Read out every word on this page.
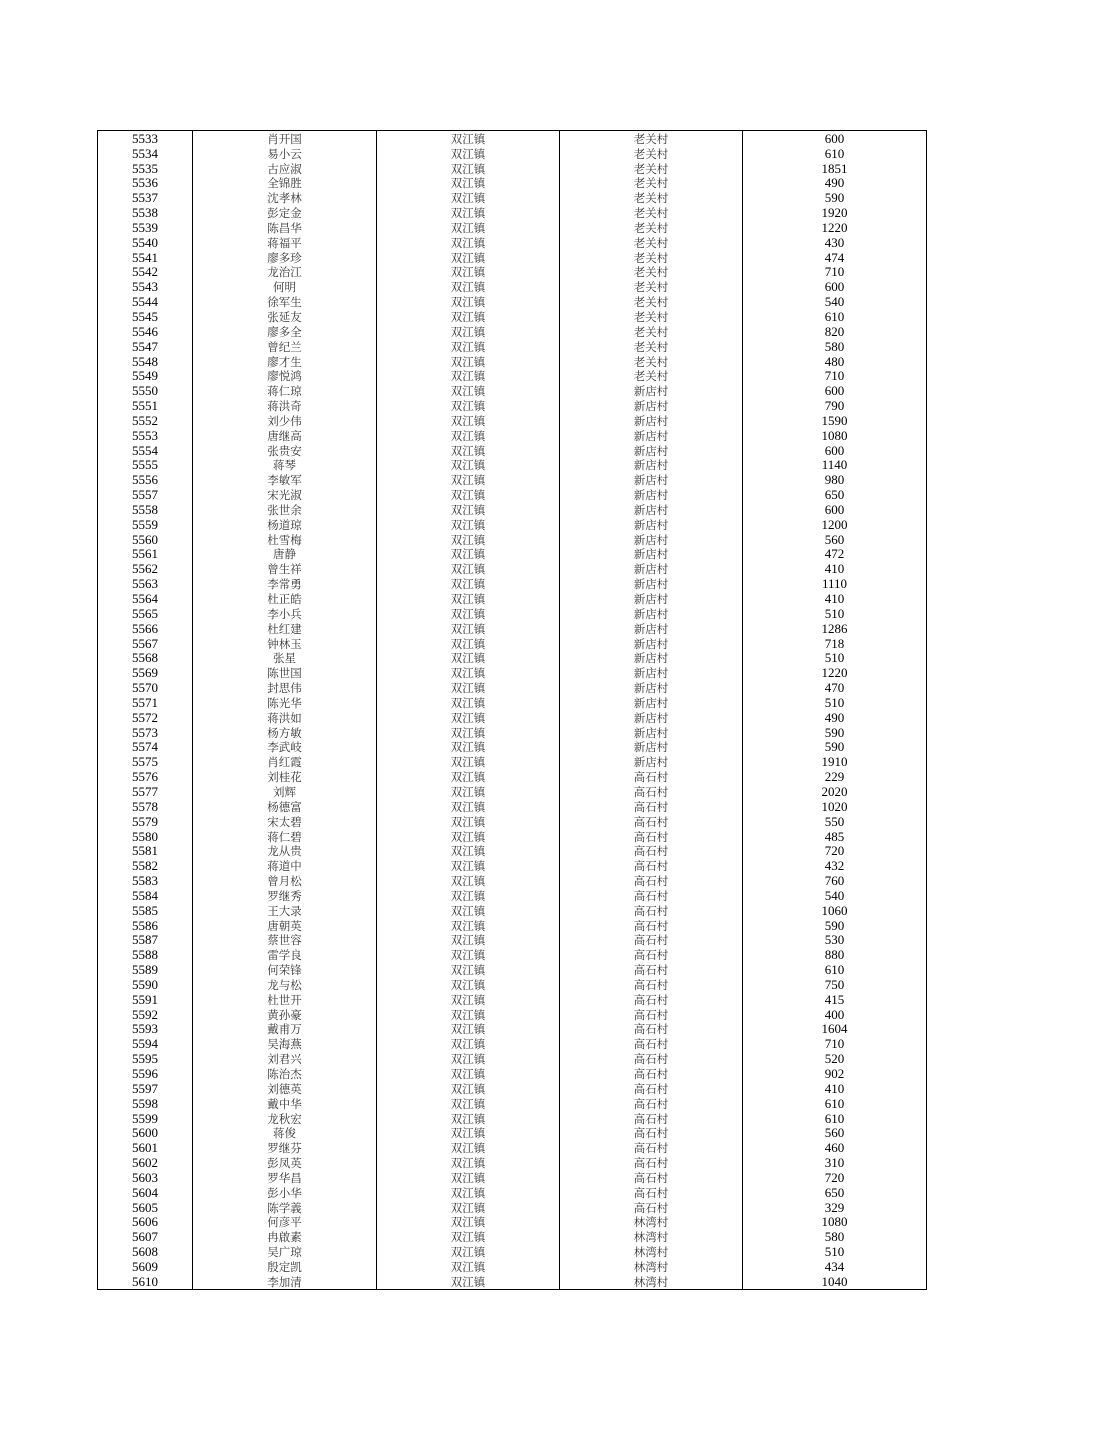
5533	肖开国	双江镇	老关村	600
5534	易小云	双江镇	老关村	610
5535	古应淑	双江镇	老关村	1851
5536	全锦胜	双江镇	老关村	490
5537	沈孝林	双江镇	老关村	590
5538	彭定金	双江镇	老关村	1920
5539	陈昌华	双江镇	老关村	1220
5540	蒋福平	双江镇	老关村	430
5541	廖多珍	双江镇	老关村	474
5542	龙治江	双江镇	老关村	710
5543	何明	双江镇	老关村	600
5544	徐军生	双江镇	老关村	540
5545	张延友	双江镇	老关村	610
5546	廖多全	双江镇	老关村	820
5547	曾纪兰	双江镇	老关村	580
5548	廖才生	双江镇	老关村	480
5549	廖悦鸿	双江镇	老关村	710
5550	蒋仁琼	双江镇	新店村	600
5551	蒋洪奇	双江镇	新店村	790
5552	刘少伟	双江镇	新店村	1590
5553	唐继高	双江镇	新店村	1080
5554	张贵安	双江镇	新店村	600
5555	蒋琴	双江镇	新店村	1140
5556	李敏军	双江镇	新店村	980
5557	宋光淑	双江镇	新店村	650
5558	张世余	双江镇	新店村	600
5559	杨道琼	双江镇	新店村	1200
5560	杜雪梅	双江镇	新店村	560
5561	唐静	双江镇	新店村	472
5562	曾生祥	双江镇	新店村	410
5563	李常勇	双江镇	新店村	1110
5564	杜正皓	双江镇	新店村	410
5565	李小兵	双江镇	新店村	510
5566	杜红建	双江镇	新店村	1286
5567	钟林玉	双江镇	新店村	718
5568	张星	双江镇	新店村	510
5569	陈世国	双江镇	新店村	1220
5570	封思伟	双江镇	新店村	470
5571	陈光华	双江镇	新店村	510
5572	蒋洪如	双江镇	新店村	490
5573	杨方敏	双江镇	新店村	590
5574	李武岐	双江镇	新店村	590
5575	肖红霞	双江镇	新店村	1910
5576	刘桂花	双江镇	高石村	229
5577	刘辉	双江镇	高石村	2020
5578	杨德富	双江镇	高石村	1020
5579	宋太碧	双江镇	高石村	550
5580	蒋仁碧	双江镇	高石村	485
5581	龙从贵	双江镇	高石村	720
5582	蒋道中	双江镇	高石村	432
5583	曾月松	双江镇	高石村	760
5584	罗继秀	双江镇	高石村	540
5585	王大录	双江镇	高石村	1060
5586	唐朝英	双江镇	高石村	590
5587	蔡世容	双江镇	高石村	530
5588	雷学良	双江镇	高石村	880
5589	何荣锋	双江镇	高石村	610
5590	龙与松	双江镇	高石村	750
5591	杜世开	双江镇	高石村	415
5592	黄孙豪	双江镇	高石村	400
5593	戴甫万	双江镇	高石村	1604
5594	吴海燕	双江镇	高石村	710
5595	刘君兴	双江镇	高石村	520
5596	陈治杰	双江镇	高石村	902
5597	刘德英	双江镇	高石村	410
5598	戴中华	双江镇	高石村	610
5599	龙秋宏	双江镇	高石村	610
5600	蒋俊	双江镇	高石村	560
5601	罗继芬	双江镇	高石村	460
5602	彭凤英	双江镇	高石村	310
5603	罗华昌	双江镇	高石村	720
5604	彭小华	双江镇	高石村	650
5605	陈学義	双江镇	高石村	329
5606	何彦平	双江镇	林湾村	1080
5607	冉啟素	双江镇	林湾村	580
5608	吴广琼	双江镇	林湾村	510
5609	殷定凯	双江镇	林湾村	434
5610	李加清	双江镇	林湾村	1040
